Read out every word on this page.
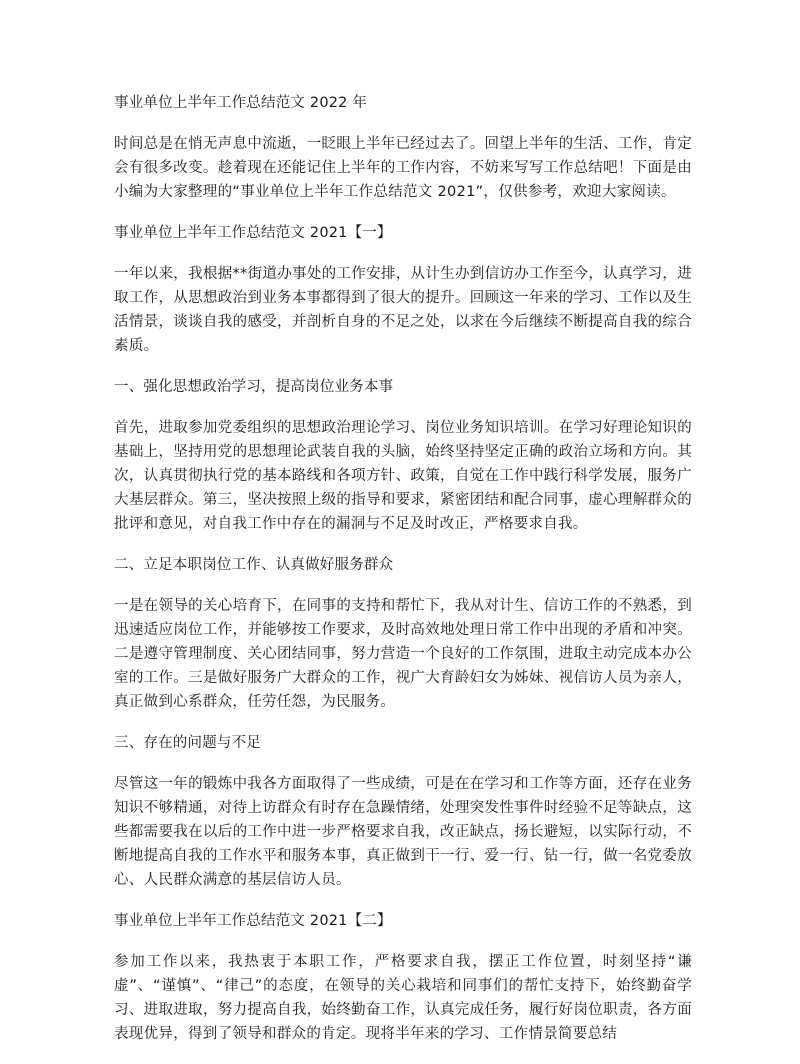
事业单位上半年工作总结范文 2022 年

时间总是在悄无声息中流逝，一眨眼上半年已经过去了。回望上半年的生活、工作，肯定会有很多改变。趁着现在还能记住上半年的工作内容，不妨来写写工作总结吧！下面是由小编为大家整理的“事业单位上半年工作总结范文 2021”，仅供参考，欢迎大家阅读。

事业单位上半年工作总结范文 2021【一】

一年以来，我根据**街道办事处的工作安排，从计生办到信访办工作至今，认真学习，进取工作，从思想政治到业务本事都得到了很大的提升。回顾这一年来的学习、工作以及生活情景，谈谈自我的感受，并剖析自身的不足之处，以求在今后继续不断提高自我的综合素质。

一、强化思想政治学习，提高岗位业务本事

首先，进取参加党委组织的思想政治理论学习、岗位业务知识培训。在学习好理论知识的基础上，坚持用党的思想理论武装自我的头脑，始终坚持坚定正确的政治立场和方向。其次，认真贯彻执行党的基本路线和各项方针、政策，自觉在工作中践行科学发展，服务广大基层群众。第三，坚决按照上级的指导和要求，紧密团结和配合同事，虚心理解群众的批评和意见，对自我工作中存在的漏洞与不足及时改正，严格要求自我。

二、立足本职岗位工作、认真做好服务群众

一是在领导的关心培育下，在同事的支持和帮忙下，我从对计生、信访工作的不熟悉，到迅速适应岗位工作，并能够按工作要求，及时高效地处理日常工作中出现的矛盾和冲突。二是遵守管理制度、关心团结同事，努力营造一个良好的工作氛围，进取主动完成本办公室的工作。三是做好服务广大群众的工作，视广大育龄妇女为姊妹、视信访人员为亲人，真正做到心系群众，任劳任怨，为民服务。

三、存在的问题与不足

尽管这一年的锻炼中我各方面取得了一些成绩，可是在在学习和工作等方面，还存在业务知识不够精通，对待上访群众有时存在急躁情绪，处理突发性事件时经验不足等缺点，这些都需要我在以后的工作中进一步严格要求自我，改正缺点，扬长避短，以实际行动，不断地提高自我的工作水平和服务本事，真正做到干一行、爱一行、钻一行，做一名党委放心、人民群众满意的基层信访人员。

事业单位上半年工作总结范文 2021【二】

参加工作以来，我热衷于本职工作，严格要求自我，摆正工作位置，时刻坚持“谦虚”、“谨慎”、“律己”的态度，在领导的关心栽培和同事们的帮忙支持下，始终勤奋学习、进取进取，努力提高自我，始终勤奋工作，认真完成任务，履行好岗位职责，各方面表现优异，得到了领导和群众的肯定。现将半年来的学习、工作情景简要总结
